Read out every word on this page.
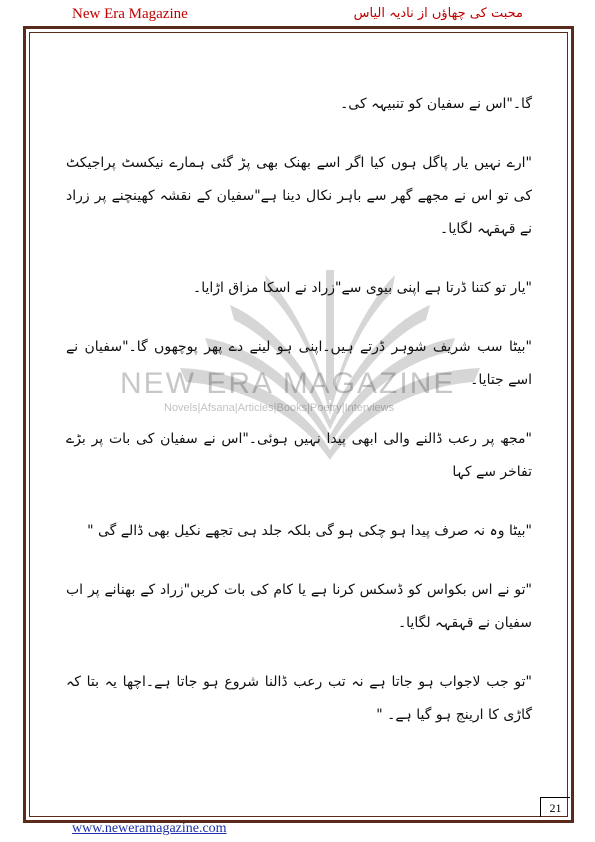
New Era Magazine	محبت کی چھاؤں از نادیہ الیاس
NEW ERA MAGAZINE
Novels|Afsana|Articles|Books|Poetry|Interviews

گا۔"اس نے سفیان کو تنبیہہ کی۔

"ارے نہیں یار پاگل ہوں کیا اگر اسے بھنک بھی پڑ گئی ہمارے نیکسٹ پراجیکٹ کی تو اس نے مجھے گھر سے باہر نکال دینا ہے"سفیان کے نقشہ کھینچنے پر زراد نے قہقہہ لگایا۔

"یار تو کتنا ڈرتا ہے اپنی بیوی سے"زراد نے اسکا مزاق اڑایا۔

"بیٹا سب شریف شوہر ڈرتے ہیں۔اپنی ہو لینے دے پھر پوچھوں گا۔"سفیان نے اسے جتایا۔

"مجھ پر رعب ڈالنے والی ابھی پیدا نہیں ہوئی۔"اس نے سفیان کی بات پر بڑے تفاخر سے کہا

"بیٹا وہ نہ صرف پیدا ہو چکی ہو گی بلکہ جلد ہی تجھے نکیل بھی ڈالے گی "

"تو نے اس بکواس کو ڈسکس کرنا ہے یا کام کی بات کریں"زراد کے بھنانے پر اب سفیان نے قہقہہ لگایا۔

"تو جب لاجواب ہو جاتا ہے نہ تب رعب ڈالنا شروع ہو جاتا ہے۔اچھا یہ بتا کہ گاڑی کا ارینج ہو گیا ہے۔ "

21
www.neweramagazine.com
